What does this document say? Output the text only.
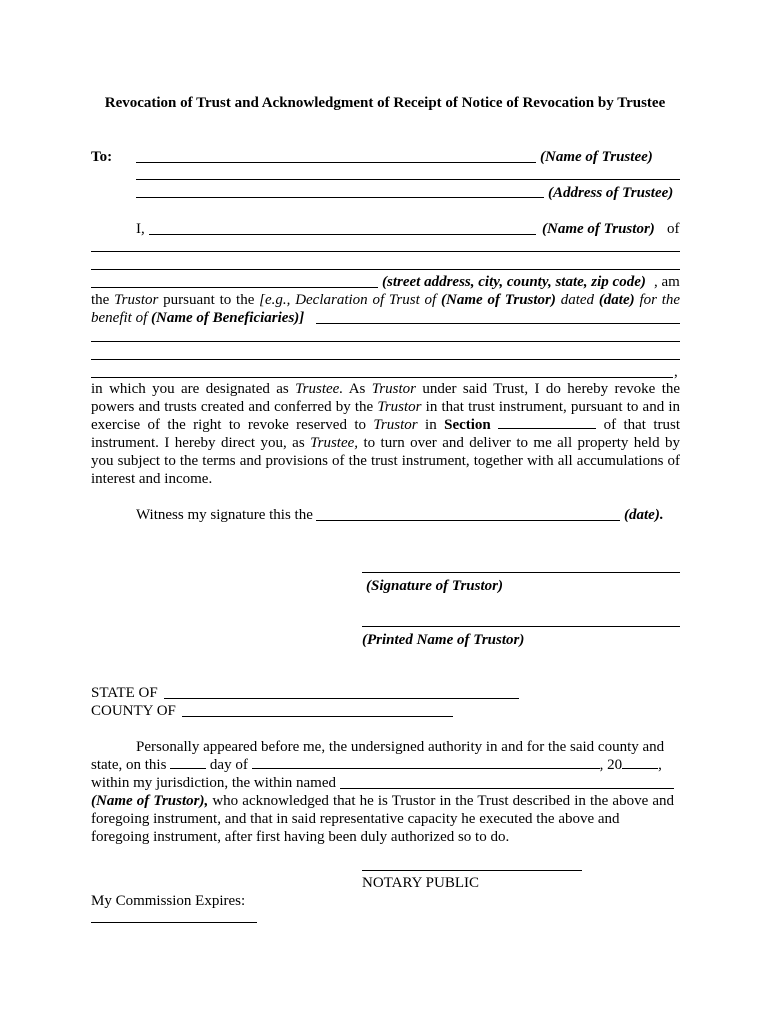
Revocation of Trust and Acknowledgment of Receipt of Notice of Revocation by Trustee
To:	(Name of Trustee)
(Address of Trustee)
I,	(Name of Trustor) of
(street address, city, county, state, zip code) , am
the Trustor pursuant to the [e.g., Declaration of Trust of (Name of Trustor) dated (date) for the
benefit of (Name of Beneficiaries)]
,
in which you are designated as Trustee. As Trustor under said Trust, I do hereby revoke the
powers and trusts created and conferred by the Trustor in that trust instrument, pursuant to and in
exercise of the right to revoke reserved to Trustor in Section	of that trust
instrument. I hereby direct you, as Trustee, to turn over and deliver to me all property held by
you subject to the terms and provisions of the trust instrument, together with all accumulations of
interest and income.
Witness my signature this the	(date).
(Signature of Trustor)
(Printed Name of Trustor)
STATE OF
COUNTY OF
Personally appeared before me, the undersigned authority in and for the said county and
state, on this	day of	, 20 ,
within my jurisdiction, the within named
(Name of Trustor), who acknowledged that he is Trustor in the Trust described in the above and
foregoing instrument, and that in said representative capacity he executed the above and
foregoing instrument, after first having been duly authorized so to do.
NOTARY PUBLIC
My Commission Expires:
